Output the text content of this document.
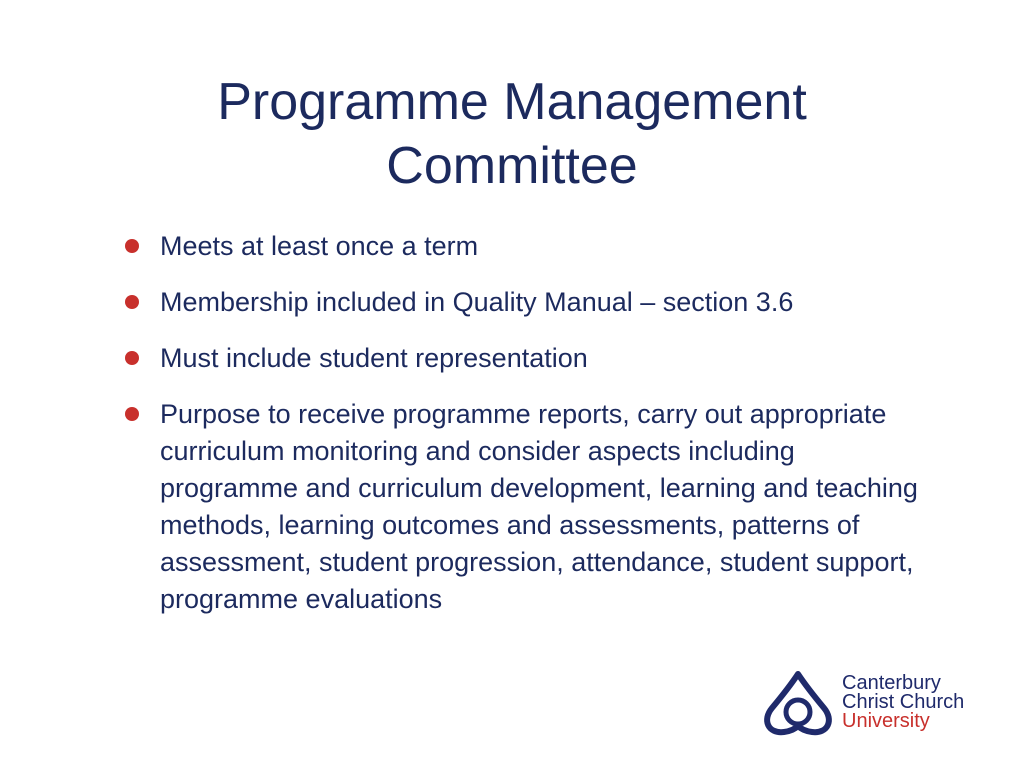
Programme Management
Committee
Meets at least once a term
Membership included in Quality Manual – section 3.6
Must include student representation
Purpose to receive programme reports, carry out appropriate curriculum monitoring and consider aspects including programme and curriculum development, learning and teaching methods, learning outcomes and assessments, patterns of assessment, student progression, attendance, student support, programme evaluations
Canterbury
Christ Church
University
